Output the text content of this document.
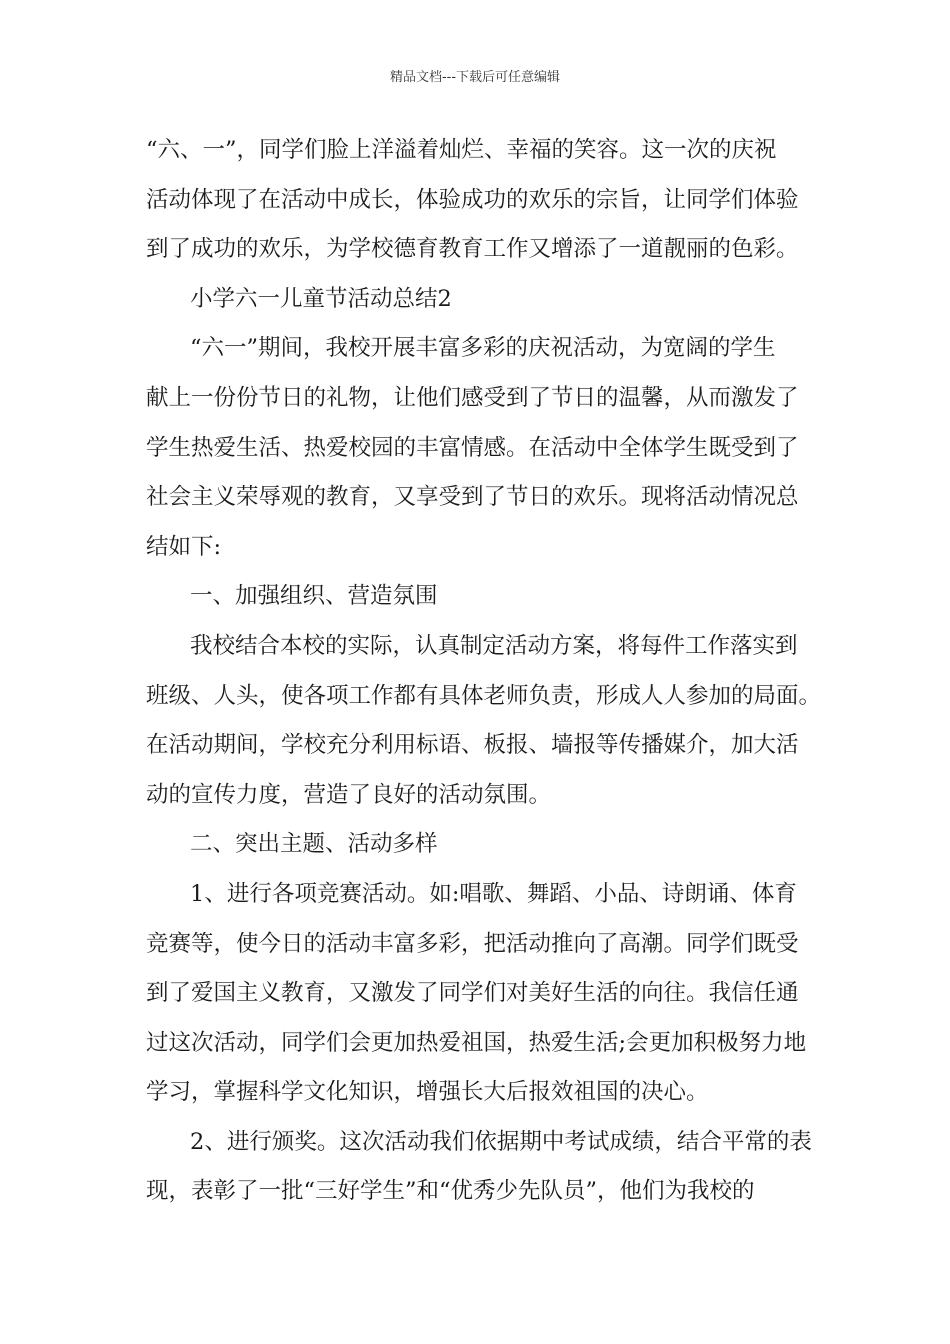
精品文档---下载后可任意编辑
“六、一”，同学们脸上洋溢着灿烂、幸福的笑容。这一次的庆祝
活动体现了在活动中成长，体验成功的欢乐的宗旨，让同学们体验
到了成功的欢乐，为学校德育教育工作又增添了一道靓丽的色彩。
小学六一儿童节活动总结2
“六一”期间，我校开展丰富多彩的庆祝活动，为宽阔的学生
献上一份份节日的礼物，让他们感受到了节日的温馨，从而激发了
学生热爱生活、热爱校园的丰富情感。在活动中全体学生既受到了
社会主义荣辱观的教育，又享受到了节日的欢乐。现将活动情况总
结如下:
一、加强组织、营造氛围
我校结合本校的实际，认真制定活动方案，将每件工作落实到
班级、人头，使各项工作都有具体老师负责，形成人人参加的局面。
在活动期间，学校充分利用标语、板报、墙报等传播媒介，加大活
动的宣传力度，营造了良好的活动氛围。
二、突出主题、活动多样
1、进行各项竞赛活动。如:唱歌、舞蹈、小品、诗朗诵、体育
竞赛等，使今日的活动丰富多彩，把活动推向了高潮。同学们既受
到了爱国主义教育，又激发了同学们对美好生活的向往。我信任通
过这次活动，同学们会更加热爱祖国，热爱生活;会更加积极努力地
学习，掌握科学文化知识，增强长大后报效祖国的决心。
2、进行颁奖。这次活动我们依据期中考试成绩，结合平常的表
现，表彰了一批“三好学生”和“优秀少先队员”，他们为我校的
